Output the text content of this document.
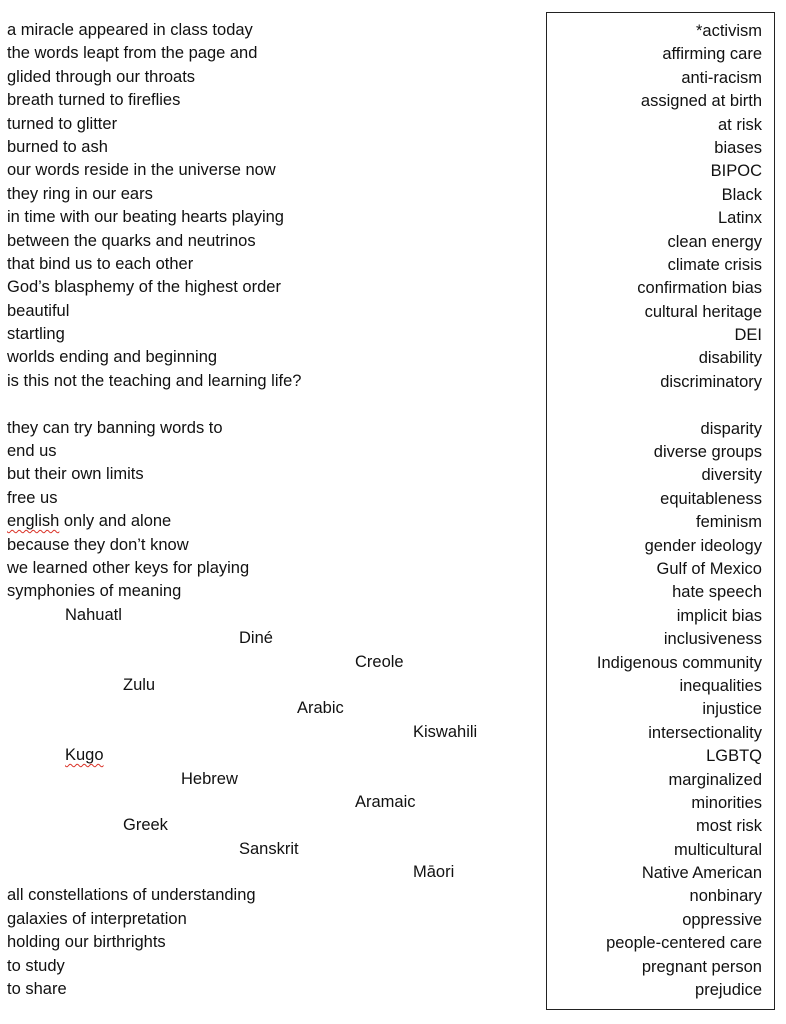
a miracle appeared in class today
the words leapt from the page and
glided through our throats
breath turned to fireflies
turned to glitter
burned to ash
our words reside in the universe now
they ring in our ears
in time with our beating hearts playing
between the quarks and neutrinos
that bind us to each other
God’s blasphemy of the highest order
beautiful
startling
worlds ending and beginning
is this not the teaching and learning life?
they can try banning words to
end us
but their own limits
free us
english only and alone
because they don’t know
we learned other keys for playing
symphonies of meaning
Nahuatl
Diné
Creole
Zulu
Arabic
Kiswahili
Kugo
Hebrew
Aramaic
Greek
Sanskrit
Māori
all constellations of understanding
galaxies of interpretation
holding our birthrights
to study
to share
*activism
affirming care
anti-racism
assigned at birth
at risk
biases
BIPOC
Black
Latinx
clean energy
climate crisis
confirmation bias
cultural heritage
DEI
disability
discriminatory
disparity
diverse groups
diversity
equitableness
feminism
gender ideology
Gulf of Mexico
hate speech
implicit bias
inclusiveness
Indigenous community
inequalities
injustice
intersectionality
LGBTQ
marginalized
minorities
most risk
multicultural
Native American
nonbinary
oppressive
people-centered care
pregnant person
prejudice
